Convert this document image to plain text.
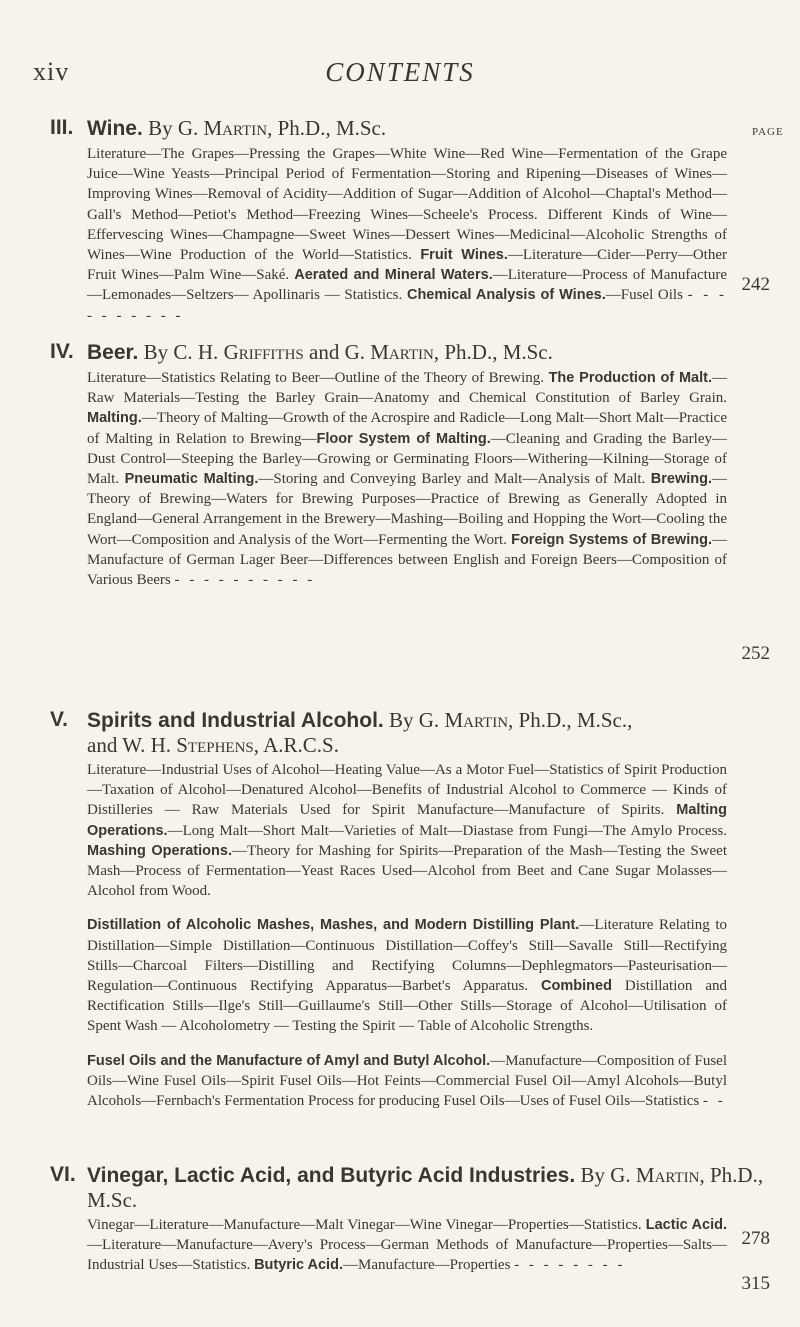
xiv	CONTENTS
PAGE
III. Wine. By G. Martin, Ph.D., M.Sc.

Literature—The Grapes—Pressing the Grapes—White Wine—Red Wine—Fermentation of the Grape Juice—Wine Yeasts—Principal Period of Fermentation—Storing and Ripening—Diseases of Wines—Improving Wines—Removal of Acidity—Addition of Sugar—Addition of Alcohol—Chaptal's Method—Gall's Method—Petiot's Method—Freezing Wines—Scheele's Process. Different Kinds of Wine—Effervescing Wines—Champagne—Sweet Wines—Dessert Wines—Medicinal—Alcoholic Strengths of Wines—Wine Production of the World—Statistics. Fruit Wines.—Literature—Cider—Perry—Other Fruit Wines—Palm Wine—Saké. Aerated and Mineral Waters.—Literature—Process of Manufacture—Lemonades—Seltzers— Apollinaris — Statistics. Chemical Analysis of Wines.—Fusel Oils - - - - - - - - - -

242
IV. Beer. By C. H. Griffiths and G. Martin, Ph.D., M.Sc.

Literature—Statistics Relating to Beer—Outline of the Theory of Brewing. The Production of Malt.—Raw Materials—Testing the Barley Grain—Anatomy and Chemical Constitution of Barley Grain. Malting.—Theory of Malting—Growth of the Acrospire and Radicle—Long Malt—Short Malt—Practice of Malting in Relation to Brewing—Floor System of Malting.—Cleaning and Grading the Barley—Dust Control—Steeping the Barley—Growing or Germinating Floors—Withering—Kilning—Storage of Malt. Pneumatic Malting.—Storing and Conveying Barley and Malt—Analysis of Malt. Brewing.—Theory of Brewing—Waters for Brewing Purposes—Practice of Brewing as Generally Adopted in England—General Arrangement in the Brewery—Mashing—Boiling and Hopping the Wort—Cooling the Wort—Composition and Analysis of the Wort—Fermenting the Wort. Foreign Systems of Brewing.—Manufacture of German Lager Beer—Differences between English and Foreign Beers—Composition of Various Beers - - - - - - - - - -

252
V. Spirits and Industrial Alcohol. By G. Martin, Ph.D., M.Sc.,
and W. H. Stephens, A.R.C.S.

Literature—Industrial Uses of Alcohol—Heating Value—As a Motor Fuel—Statistics of Spirit Production—Taxation of Alcohol—Denatured Alcohol—Benefits of Industrial Alcohol to Commerce — Kinds of Distilleries — Raw Materials Used for Spirit Manufacture—Manufacture of Spirits. Malting Operations.—Long Malt—Short Malt—Varieties of Malt—Diastase from Fungi—The Amylo Process. Mashing Operations.—Theory for Mashing for Spirits—Preparation of the Mash—Testing the Sweet Mash—Process of Fermentation—Yeast Races Used—Alcohol from Beet and Cane Sugar Molasses—Alcohol from Wood.

Distillation of Alcoholic Mashes, Mashes, and Modern Distilling Plant.—Literature Relating to Distillation—Simple Distillation—Continuous Distillation—Coffey's Still—Savalle Still—Rectifying Stills—Charcoal Filters—Distilling and Rectifying Columns—Dephlegmators—Pasteurisation—Regulation—Continuous Rectifying Apparatus—Barbet's Apparatus. Combined Distillation and Rectification Stills—Ilge's Still—Guillaume's Still—Other Stills—Storage of Alcohol—Utilisation of Spent Wash — Alcoholometry — Testing the Spirit — Table of Alcoholic Strengths.

Fusel Oils and the Manufacture of Amyl and Butyl Alcohol.—Manufacture—Composition of Fusel Oils—Wine Fusel Oils—Spirit Fusel Oils—Hot Feints—Commercial Fusel Oil—Amyl Alcohols—Butyl Alcohols—Fernbach's Fermentation Process for producing Fusel Oils—Uses of Fusel Oils—Statistics - -

278
VI. Vinegar, Lactic Acid, and Butyric Acid Industries. By G. Martin, Ph.D., M.Sc.

Vinegar—Literature—Manufacture—Malt Vinegar—Wine Vinegar—Properties—Statistics. Lactic Acid.—Literature—Manufacture—Avery's Process—German Methods of Manufacture—Properties—Salts—Industrial Uses—Statistics. Butyric Acid.—Manufacture—Properties - - - - - - - -

315
